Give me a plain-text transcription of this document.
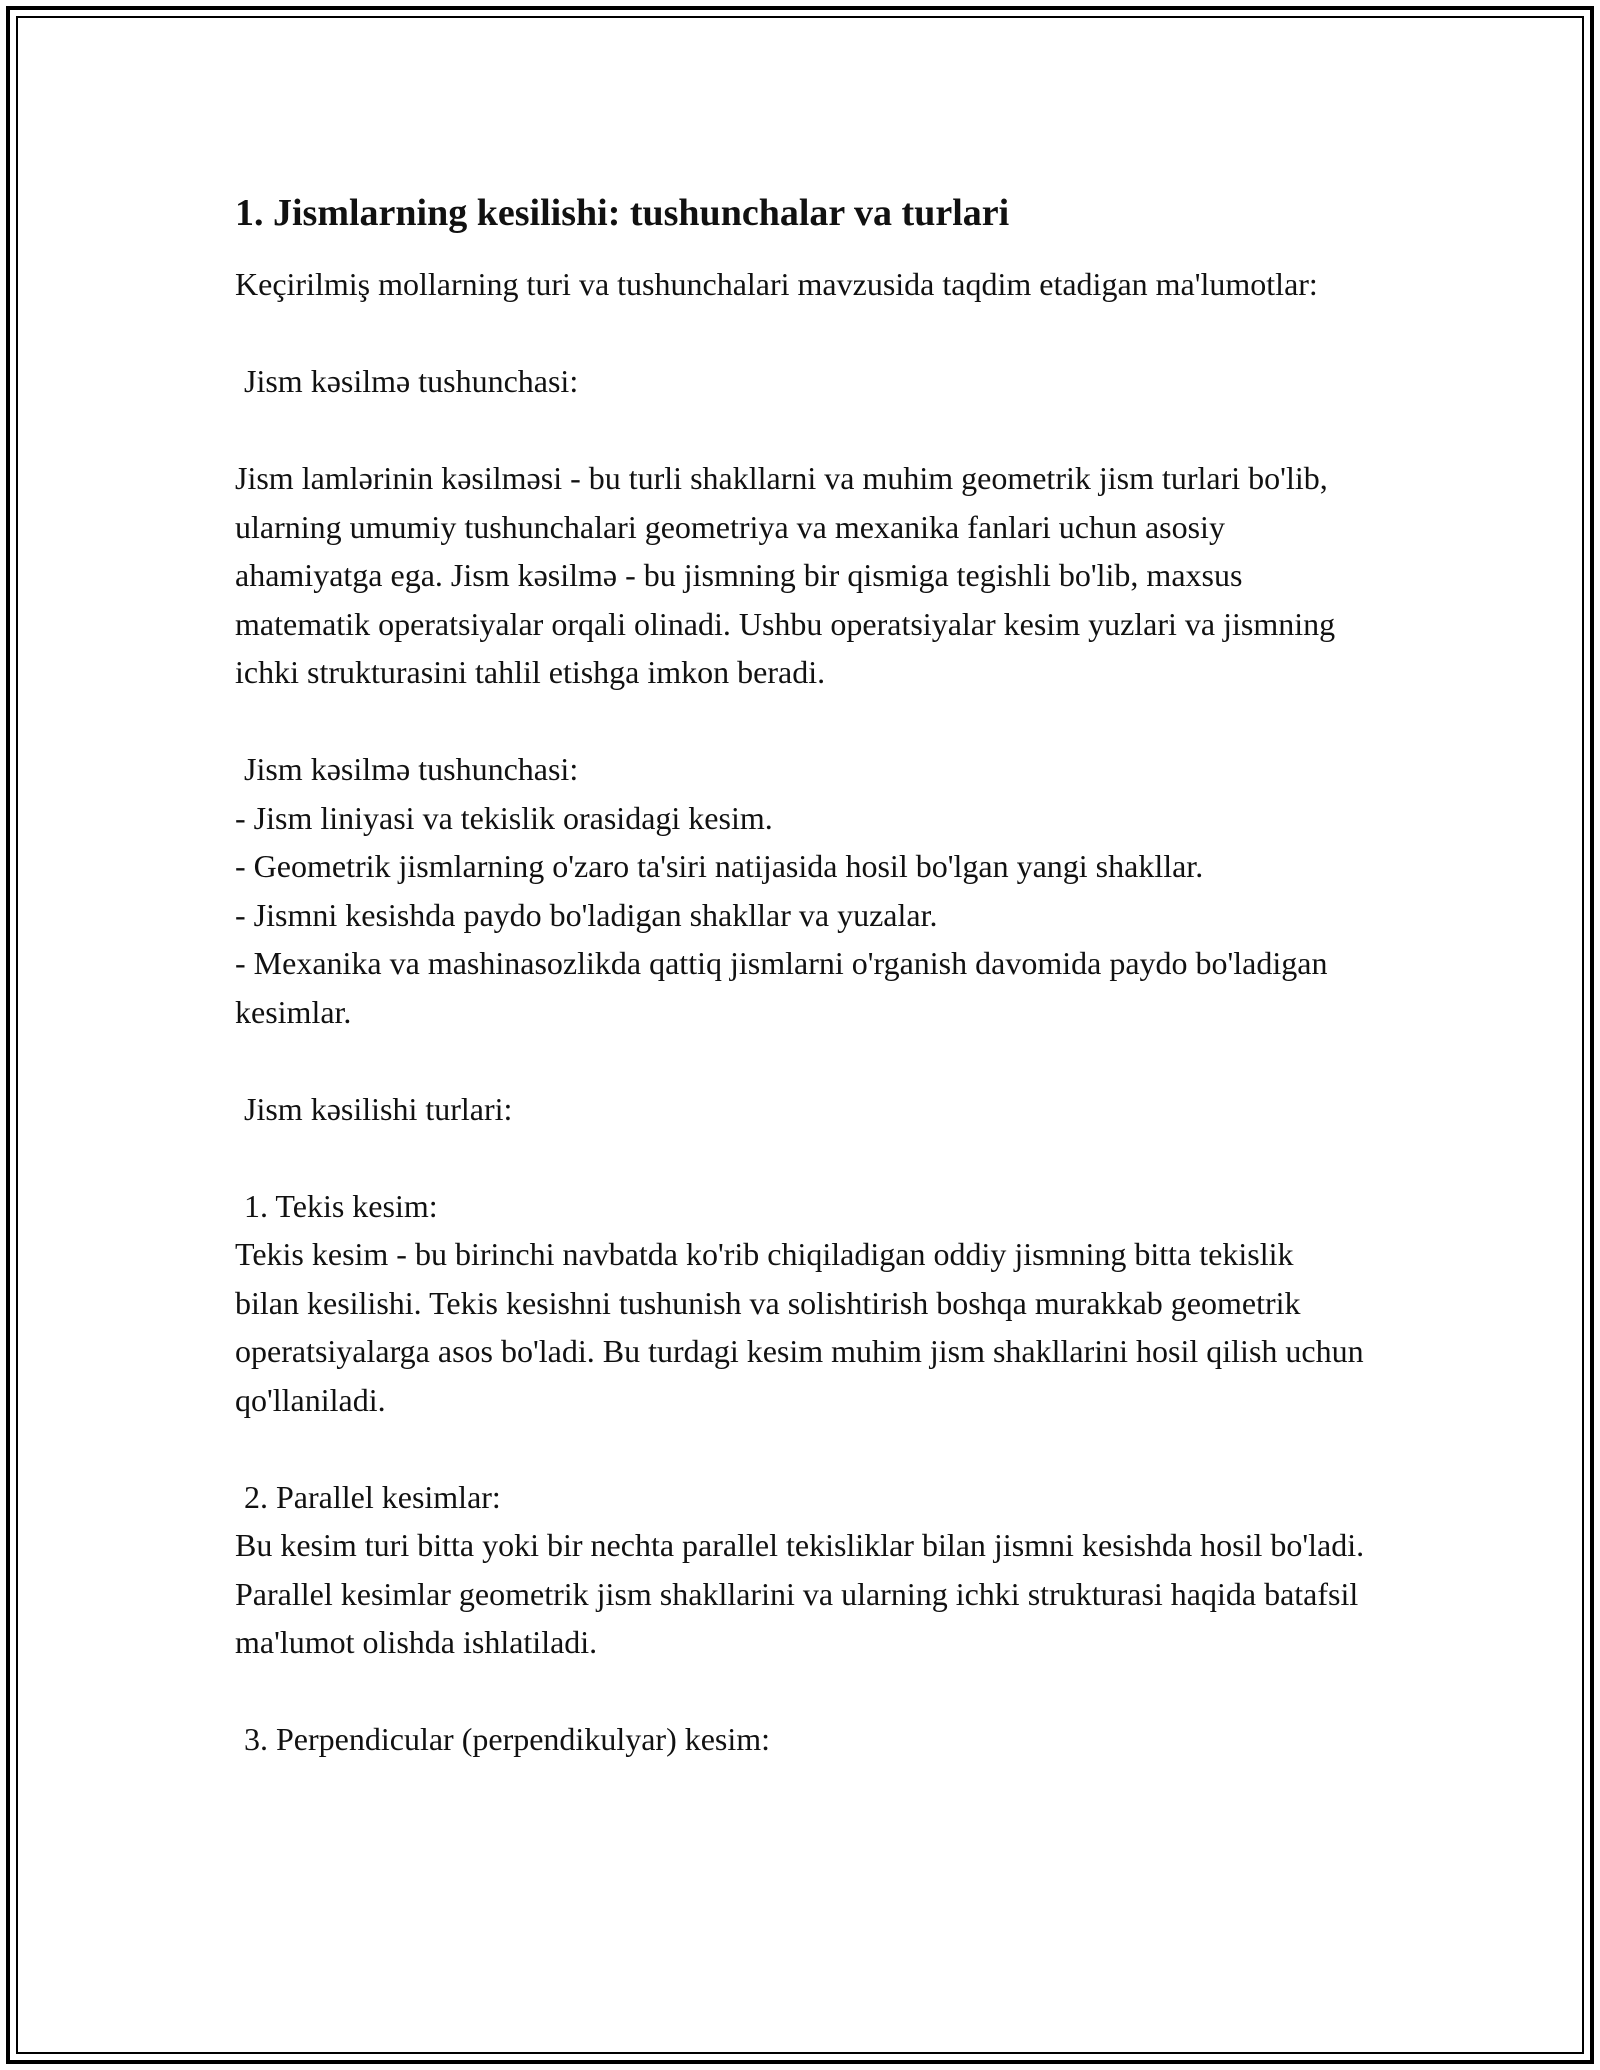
1. Jismlarning kesilishi: tushunchalar va turlari

Keçirilmiş mollarning turi va tushunchalari mavzusida taqdim etadigan ma'lumotlar:

Jism kəsilmə tushunchasi:

Jism lamlərinin kəsilməsi - bu turli shakllarni va muhim geometrik jism turlari bo'lib, ularning umumiy tushunchalari geometriya va mexanika fanlari uchun asosiy ahamiyatga ega. Jism kəsilmə - bu jismning bir qismiga tegishli bo'lib, maxsus matematik operatsiyalar orqali olinadi. Ushbu operatsiyalar kesim yuzlari va jismning ichki strukturasini tahlil etishga imkon beradi.

Jism kəsilmə tushunchasi:

- Jism liniyasi va tekislik orasidagi kesim.

- Geometrik jismlarning o'zaro ta'siri natijasida hosil bo'lgan yangi shakllar.

- Jismni kesishda paydo bo'ladigan shakllar va yuzalar.

- Mexanika va mashinasozlikda qattiq jismlarni o'rganish davomida paydo bo'ladigan kesimlar.

Jism kəsilishi turlari:

1. Tekis kesim:

Tekis kesim - bu birinchi navbatda ko'rib chiqiladigan oddiy jismning bitta tekislik bilan kesilishi. Tekis kesishni tushunish va solishtirish boshqa murakkab geometrik operatsiyalarga asos bo'ladi. Bu turdagi kesim muhim jism shakllarini hosil qilish uchun qo'llaniladi.

2. Parallel kesimlar:

Bu kesim turi bitta yoki bir nechta parallel tekisliklar bilan jismni kesishda hosil bo'ladi. Parallel kesimlar geometrik jism shakllarini va ularning ichki strukturasi haqida batafsil ma'lumot olishda ishlatiladi.

3. Perpendicular (perpendikulyar) kesim:
